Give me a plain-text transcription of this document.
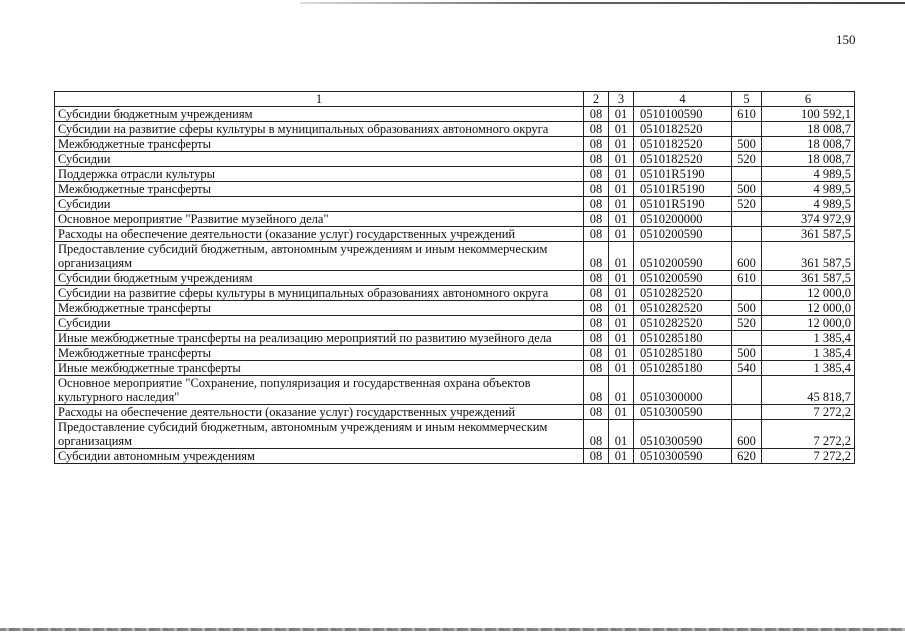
150
1	2	3	4	5	6
Субсидии бюджетным учреждениям	08	01	0510100590	610	100 592,1
Субсидии на развитие сферы культуры в муниципальных образованиях автономного округа	08	01	0510182520		18 008,7
Межбюджетные трансферты	08	01	0510182520	500	18 008,7
Субсидии	08	01	0510182520	520	18 008,7
Поддержка отрасли культуры	08	01	05101R5190		4 989,5
Межбюджетные трансферты	08	01	05101R5190	500	4 989,5
Субсидии	08	01	05101R5190	520	4 989,5
Основное мероприятие "Развитие музейного дела"	08	01	0510200000		374 972,9
Расходы на обеспечение деятельности (оказание услуг) государственных учреждений	08	01	0510200590		361 587,5
Предоставление субсидий бюджетным, автономным учреждениям и иным некоммерческим организациям	08	01	0510200590	600	361 587,5
Субсидии бюджетным учреждениям	08	01	0510200590	610	361 587,5
Субсидии на развитие сферы культуры в муниципальных образованиях автономного округа	08	01	0510282520		12 000,0
Межбюджетные трансферты	08	01	0510282520	500	12 000,0
Субсидии	08	01	0510282520	520	12 000,0
Иные межбюджетные трансферты на реализацию мероприятий по развитию музейного дела	08	01	0510285180		1 385,4
Межбюджетные трансферты	08	01	0510285180	500	1 385,4
Иные межбюджетные трансферты	08	01	0510285180	540	1 385,4
Основное мероприятие "Сохранение, популяризация и государственная охрана объектов культурного наследия"	08	01	0510300000		45 818,7
Расходы на обеспечение деятельности (оказание услуг) государственных учреждений	08	01	0510300590		7 272,2
Предоставление субсидий бюджетным, автономным учреждениям и иным некоммерческим организациям	08	01	0510300590	600	7 272,2
Субсидии автономным учреждениям	08	01	0510300590	620	7 272,2
